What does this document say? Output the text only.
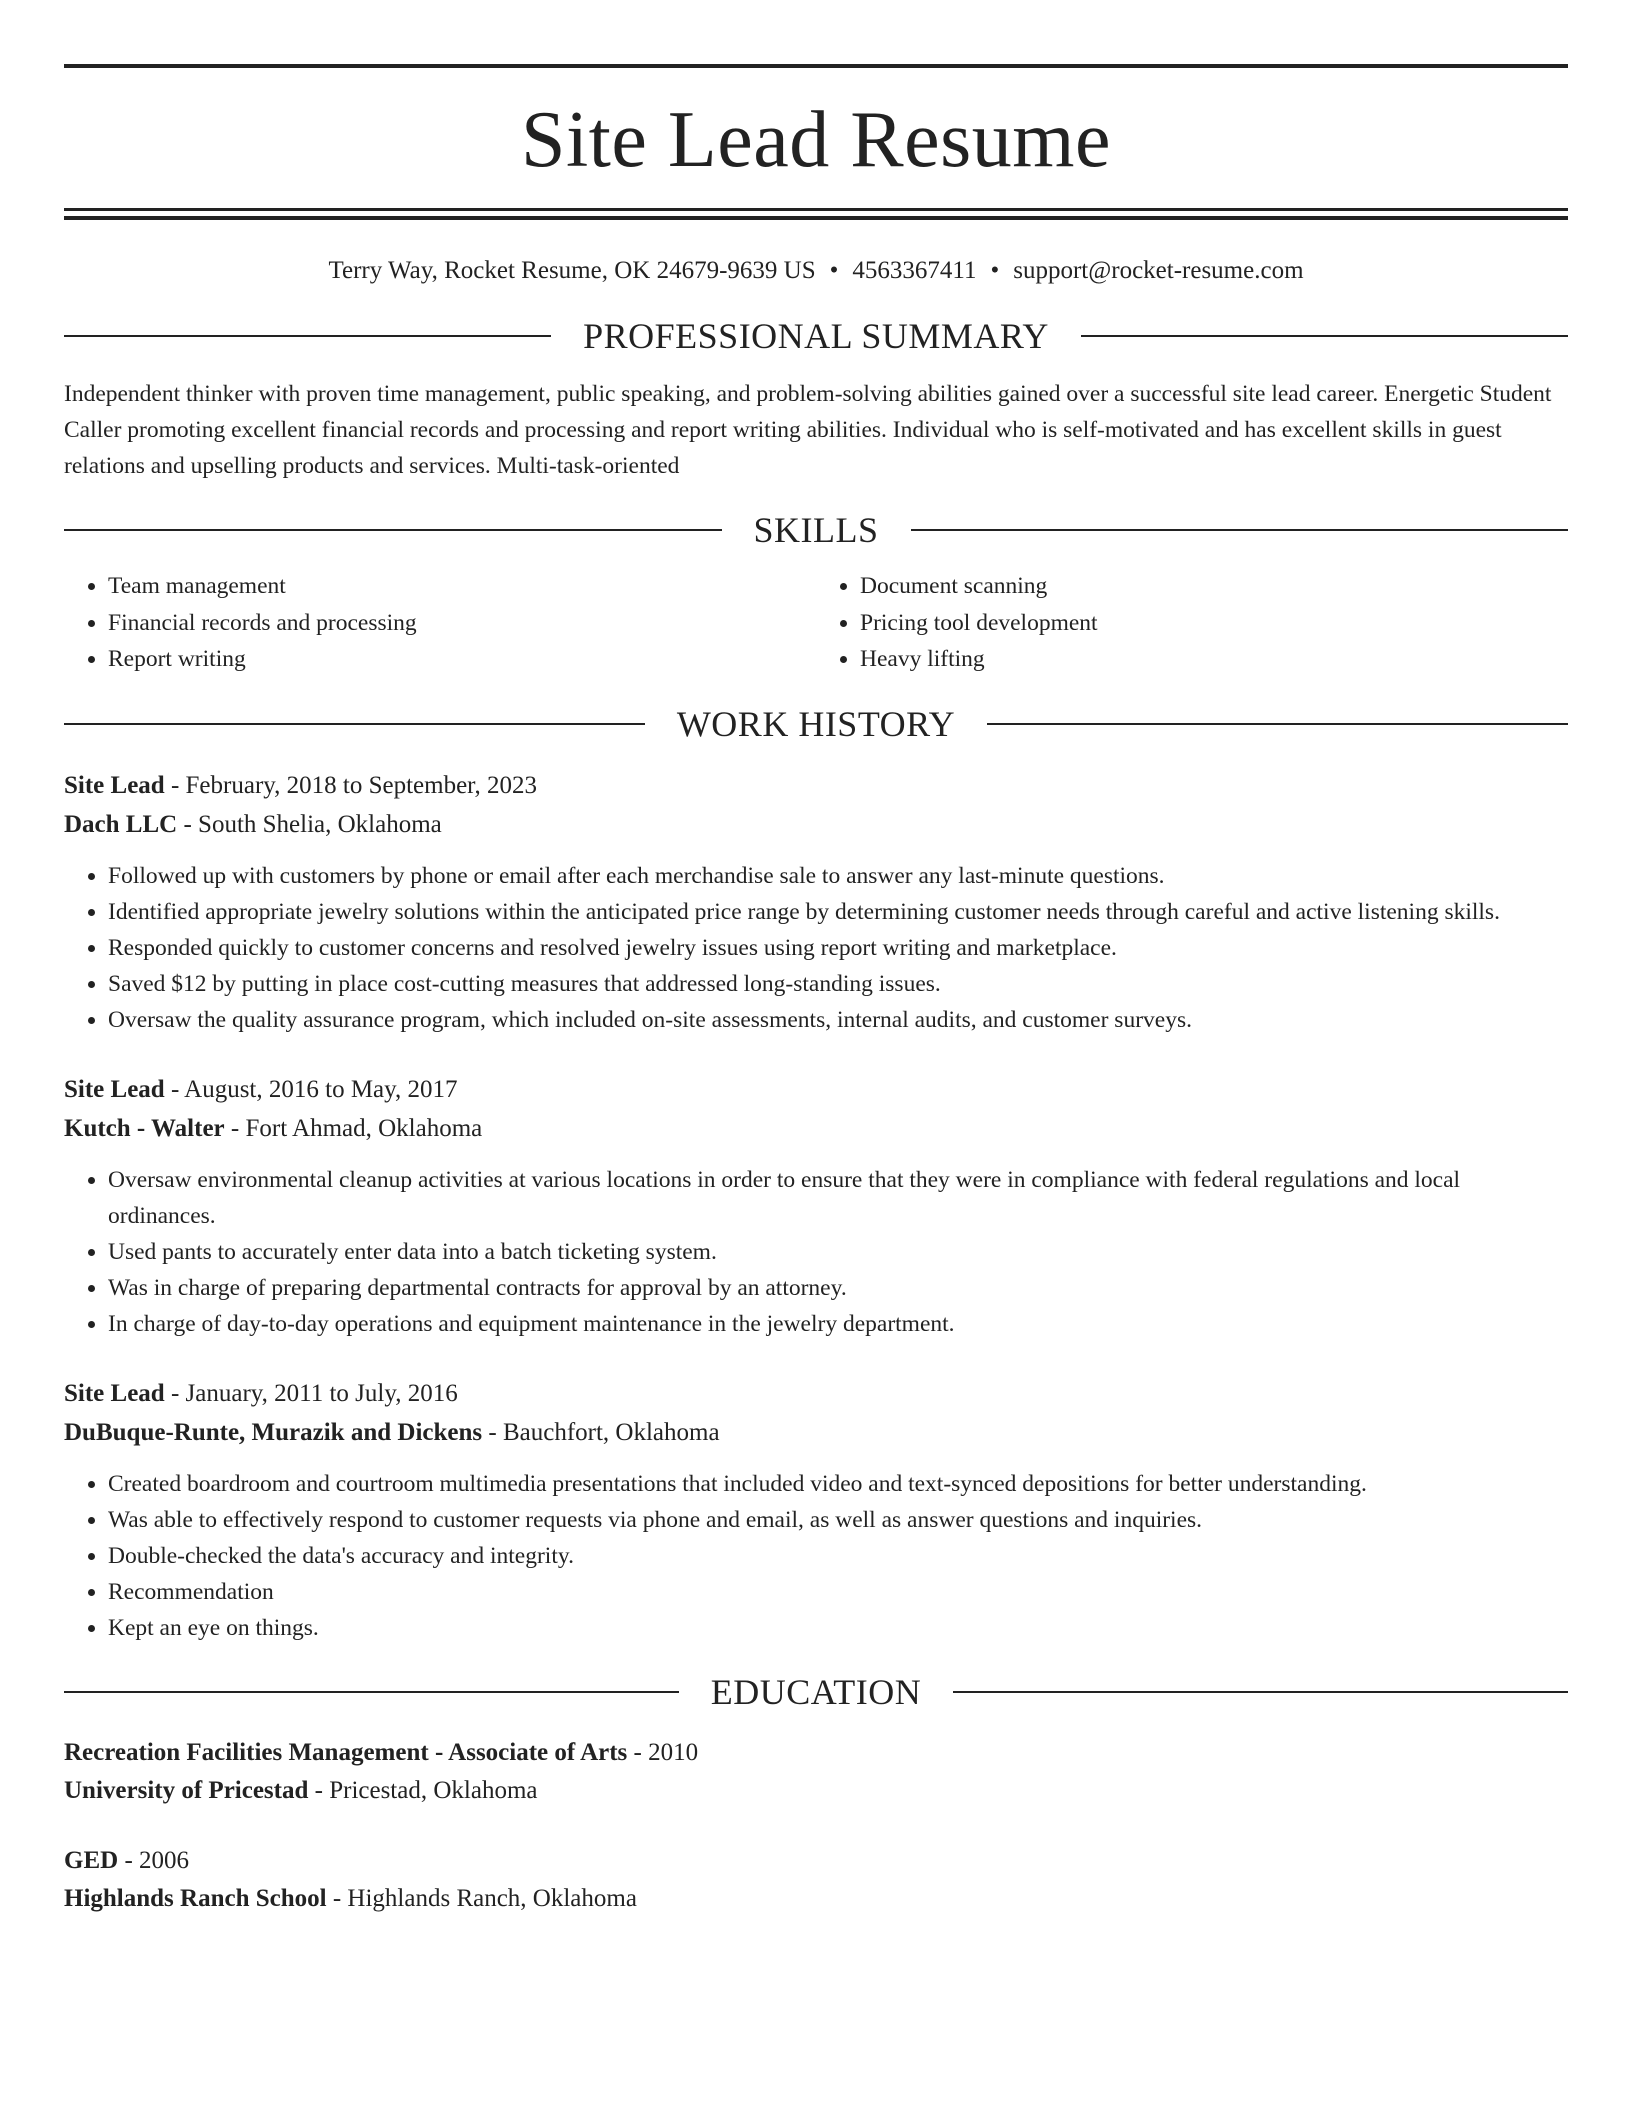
Site Lead Resume
Terry Way, Rocket Resume, OK 24679-9639 US • 4563367411 • support@rocket-resume.com
PROFESSIONAL SUMMARY
Independent thinker with proven time management, public speaking, and problem-solving abilities gained over a successful site lead career. Energetic Student Caller promoting excellent financial records and processing and report writing abilities. Individual who is self-motivated and has excellent skills in guest relations and upselling products and services. Multi-task-oriented
SKILLS
• Team management
• Financial records and processing
• Report writing
• Document scanning
• Pricing tool development
• Heavy lifting
WORK HISTORY
Site Lead - February, 2018 to September, 2023
Dach LLC - South Shelia, Oklahoma
• Followed up with customers by phone or email after each merchandise sale to answer any last-minute questions.
• Identified appropriate jewelry solutions within the anticipated price range by determining customer needs through careful and active listening skills.
• Responded quickly to customer concerns and resolved jewelry issues using report writing and marketplace.
• Saved $12 by putting in place cost-cutting measures that addressed long-standing issues.
• Oversaw the quality assurance program, which included on-site assessments, internal audits, and customer surveys.
Site Lead - August, 2016 to May, 2017
Kutch - Walter - Fort Ahmad, Oklahoma
• Oversaw environmental cleanup activities at various locations in order to ensure that they were in compliance with federal regulations and local ordinances.
• Used pants to accurately enter data into a batch ticketing system.
• Was in charge of preparing departmental contracts for approval by an attorney.
• In charge of day-to-day operations and equipment maintenance in the jewelry department.
Site Lead - January, 2011 to July, 2016
DuBuque-Runte, Murazik and Dickens - Bauchfort, Oklahoma
• Created boardroom and courtroom multimedia presentations that included video and text-synced depositions for better understanding.
• Was able to effectively respond to customer requests via phone and email, as well as answer questions and inquiries.
• Double-checked the data's accuracy and integrity.
• Recommendation
• Kept an eye on things.
EDUCATION
Recreation Facilities Management - Associate of Arts - 2010
University of Pricestad - Pricestad, Oklahoma
GED - 2006
Highlands Ranch School - Highlands Ranch, Oklahoma
